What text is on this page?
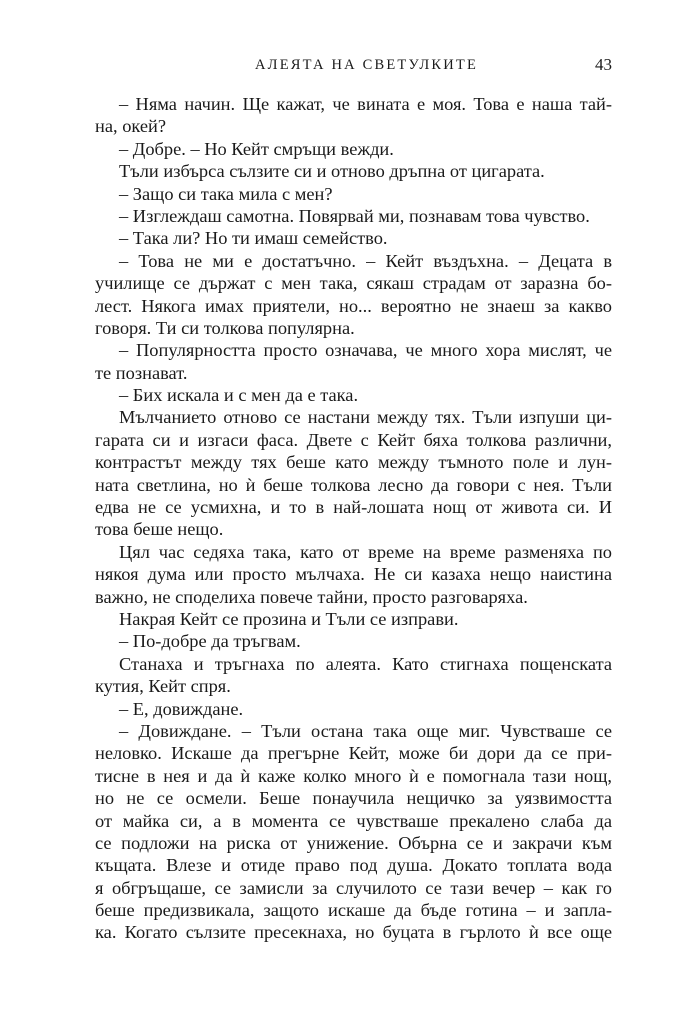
АЛЕЯТА НА СВЕТУЛКИТЕ	43
– Няма начин. Ще кажат, че вината е моя. Това е наша тай-
на, окей?
– Добре. – Но Кейт смръщи вежди.
Тъли избърса сълзите си и отново дръпна от цигарата.
– Защо си така мила с мен?
– Изглеждаш самотна. Повярвай ми, познавам това чувство.
– Така ли? Но ти имаш семейство.
– Това не ми е достатъчно. – Кейт въздъхна. – Децата в
училище се държат с мен така, сякаш страдам от заразна бо-
лест. Някога имах приятели, но... вероятно не знаеш за какво
говоря. Ти си толкова популярна.
– Популярността просто означава, че много хора мислят, че
те познават.
– Бих искала и с мен да е така.
Мълчанието отново се настани между тях. Тъли изпуши ци-
гарата си и изгаси фаса. Двете с Кейт бяха толкова различни,
контрастът между тях беше като между тъмното поле и лун-
ната светлина, но ѝ беше толкова лесно да говори с нея. Тъли
едва не се усмихна, и то в най-лошата нощ от живота си. И
това беше нещо.
Цял час седяха така, като от време на време разменяха по
някоя дума или просто мълчаха. Не си казаха нещо наистина
важно, не споделиха повече тайни, просто разговаряха.
Накрая Кейт се прозина и Тъли се изправи.
– По-добре да тръгвам.
Станаха и тръгнаха по алеята. Като стигнаха пощенската
кутия, Кейт спря.
– Е, довиждане.
– Довиждане. – Тъли остана така още миг. Чувстваше се
неловко. Искаше да прегърне Кейт, може би дори да се при-
тисне в нея и да ѝ каже колко много ѝ е помогнала тази нощ,
но не се осмели. Беше понаучила нещичко за уязвимостта
от майка си, а в момента се чувстваше прекалено слаба да
се подложи на риска от унижение. Обърна се и закрачи към
къщата. Влезе и отиде право под душа. Докато топлата вода
я обгръщаше, се замисли за случилото се тази вечер – как го
беше предизвикала, защото искаше да бъде готина – и запла-
ка. Когато сълзите пресекнаха, но буцата в гърлото ѝ все още
